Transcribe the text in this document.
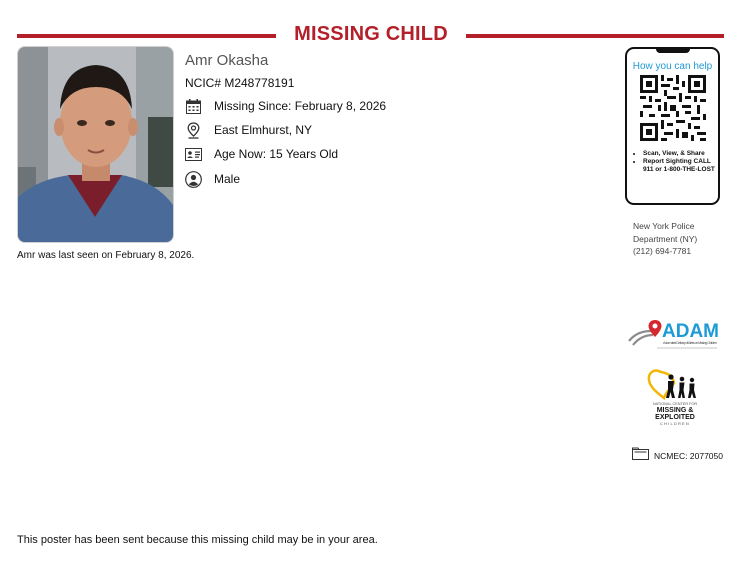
MISSING CHILD
Amr Okasha
NCIC# M248778191
Missing Since: February 8, 2026
East Elmhurst, NY
Age Now: 15 Years Old
Male
Amr was last seen on February 8, 2026.
How you can help
• Scan, View, & Share
• Report Sighting CALL 911 or 1-800-THE-LOST
New York Police
Department (NY)
(212) 694-7781
ADAM
Automated Delivery of Alerts on Missing Children
NATIONAL CENTER FOR
MISSING &
EXPLOITED
CHILDREN
NCMEC: 2077050
This poster has been sent because this missing child may be in your area.
